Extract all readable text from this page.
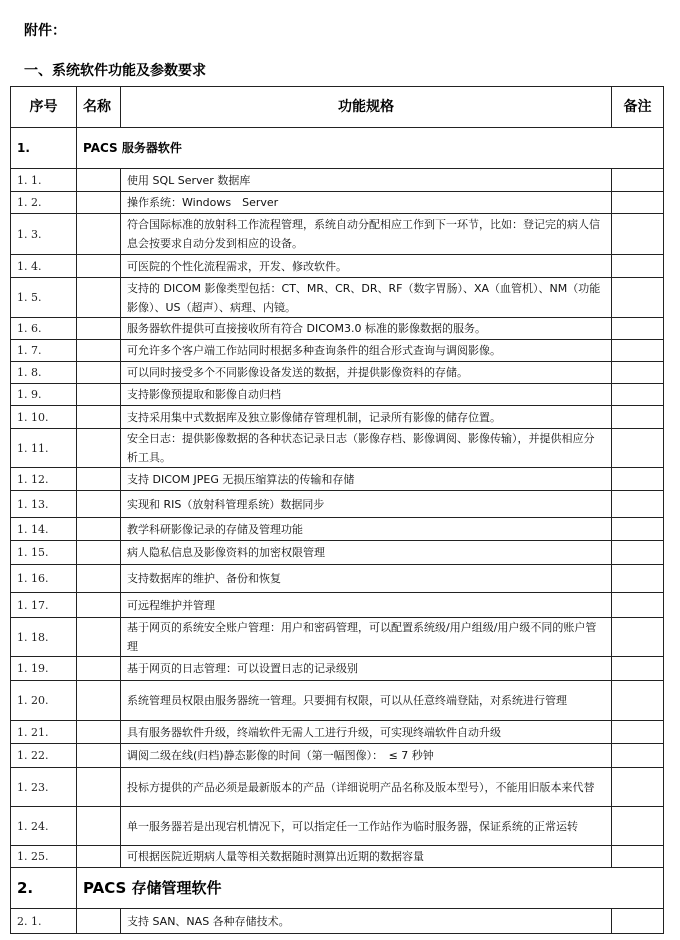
附件：
一、系统软件功能及参数要求
序号	名称	功能规格	备注
1.	PACS 服务器软件		
1. 1.		使用 SQL Server 数据库	
1. 2.		操作系统：Windows　Server	
1. 3.		符合国际标准的放射科工作流程管理，系统自动分配相应工作到下一环节，比如：登记完的病人信息会按要求自动分发到相应的设备。	
1. 4.		可医院的个性化流程需求，开发、修改软件。	
1. 5.		支持的 DICOM 影像类型包括：CT、MR、CR、DR、RF（数字胃肠）、XA（血管机）、NM（功能影像）、US（超声）、病理、内镜。	
1. 6.		服务器软件提供可直接接收所有符合 DICOM3.0 标准的影像数据的服务。	
1. 7.		可允许多个客户端工作站同时根据多种查询条件的组合形式查询与调阅影像。	
1. 8.		可以同时接受多个不同影像设备发送的数据，并提供影像资料的存储。	
1. 9.		支持影像预提取和影像自动归档	
1. 10.		支持采用集中式数据库及独立影像储存管理机制，记录所有影像的储存位置。	
1. 11.		安全日志：提供影像数据的各种状态记录日志（影像存档、影像调阅、影像传输），并提供相应分析工具。	
1. 12.		支持 DICOM JPEG 无损压缩算法的传输和存储	
1. 13.		实现和 RIS（放射科管理系统）数据同步	
1. 14.		教学科研影像记录的存储及管理功能	
1. 15.		病人隐私信息及影像资料的加密权限管理	
1. 16.		支持数据库的维护、备份和恢复	
1. 17.		可远程维护并管理	
1. 18.		基于网页的系统安全账户管理：用户和密码管理，可以配置系统级/用户组级/用户级不同的账户管理	
1. 19.		基于网页的日志管理：可以设置日志的记录级别	
1. 20.		系统管理员权限由服务器统一管理。只要拥有权限，可以从任意终端登陆，对系统进行管理	
1. 21.		具有服务器软件升级，终端软件无需人工进行升级，可实现终端软件自动升级	
1. 22.		调阅二级在线(归档)静态影像的时间（第一幅图像）：　≤ 7 秒钟	
1. 23.		投标方提供的产品必须是最新版本的产品（详细说明产品名称及版本型号），不能用旧版本来代替	
1. 24.		单一服务器若是出现宕机情况下，可以指定任一工作站作为临时服务器，保证系统的正常运转	
1. 25.		可根据医院近期病人量等相关数据随时测算出近期的数据容量	
2.	PACS 存储管理软件		
2. 1.		支持 SAN、NAS 各种存储技术。	
